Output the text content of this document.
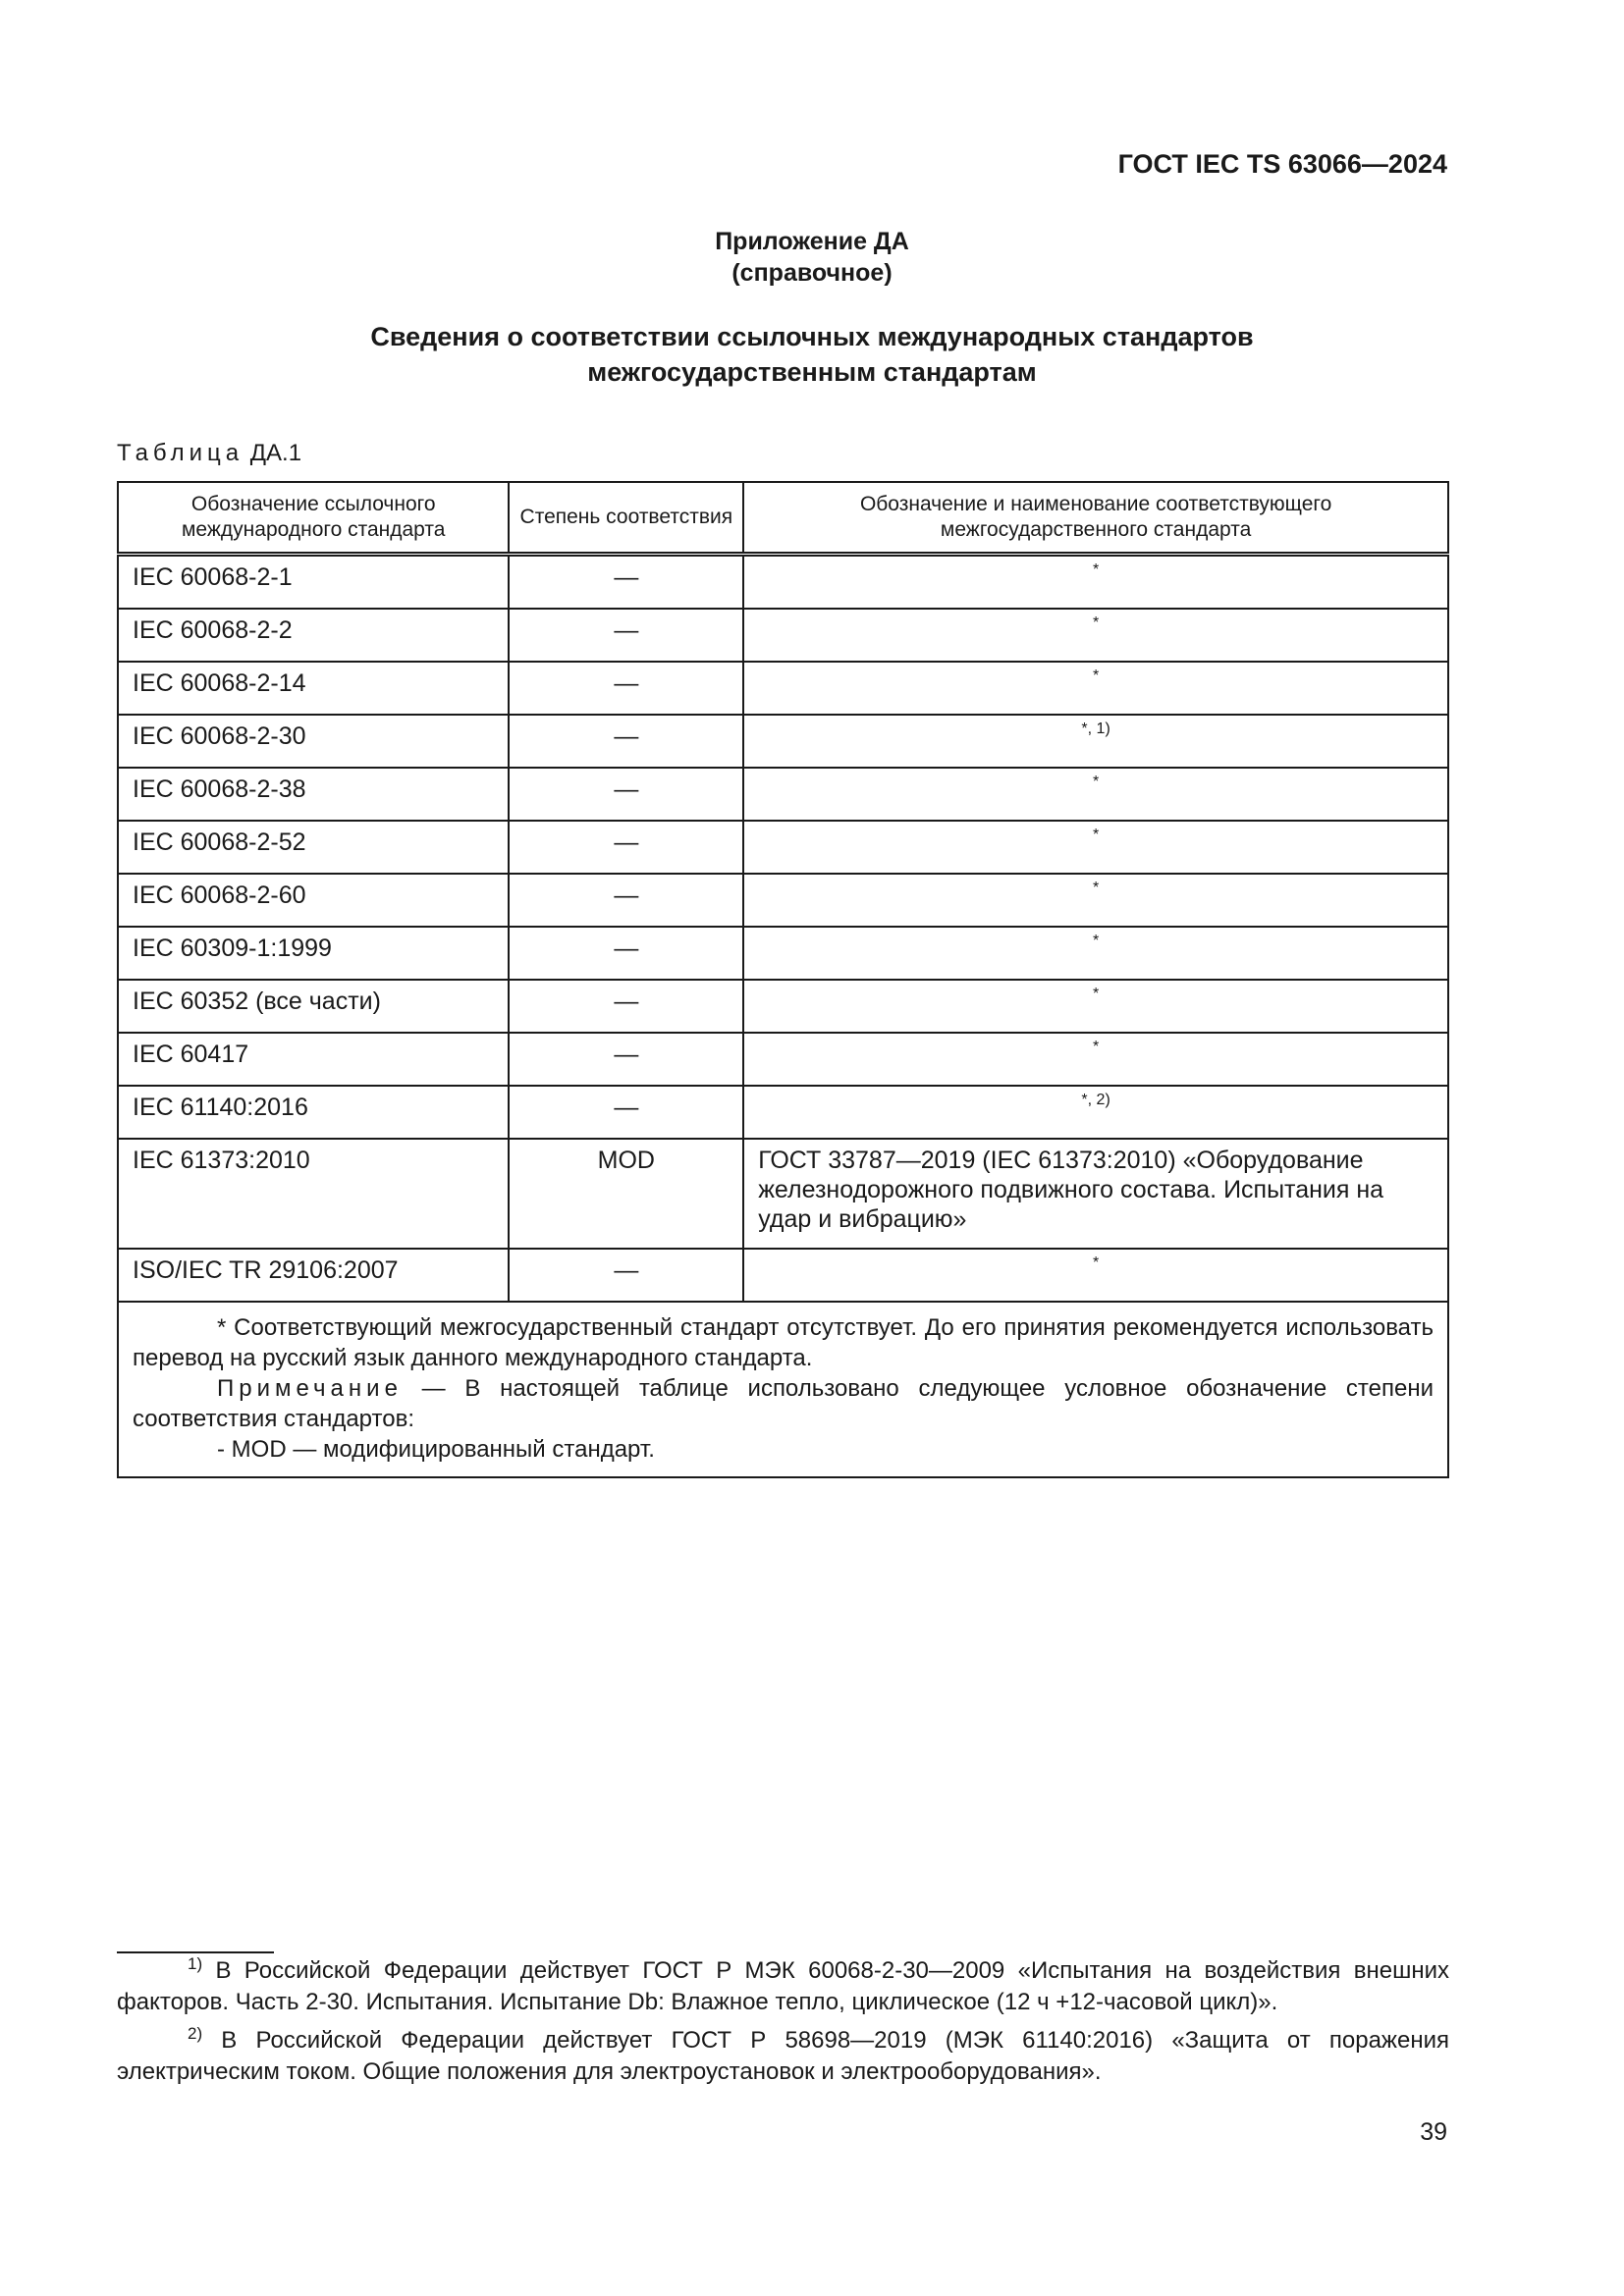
ГОСТ IEC TS 63066—2024
Приложение ДА
(справочное)
Сведения о соответствии ссылочных международных стандартов
межгосударственным стандартам
Таблица ДА.1
Обозначение ссылочного международного стандарта	Степень соответствия	Обозначение и наименование соответствующего межгосударственного стандарта
IEC 60068-2-1	—	*
IEC 60068-2-2	—	*
IEC 60068-2-14	—	*
IEC 60068-2-30	—	$^{*, 1)}$
IEC 60068-2-38	—	*
IEC 60068-2-52	—	*
IEC 60068-2-60	—	*
IEC 60309-1:1999	—	*
IEC 60352 (все части)	—	*
IEC 60417	—	*
IEC 61140:2016	—	$^{*, 2)}$
IEC 61373:2010	MOD	ГОСТ 33787—2019 (IEC 61373:2010) «Оборудование железнодорожного подвижного состава. Испытания на удар и вибрацию»
ISO/IEC TR 29106:2007	—	*

* Соответствующий межгосударственный стандарт отсутствует. До его принятия рекомендуется использовать перевод на русский язык данного международного стандарта.
Примечание — В настоящей таблице использовано следующее условное обозначение степени соответствия стандартов:
- MOD — модифицированный стандарт.		
$^{1)}$ В Российской Федерации действует ГОСТ Р МЭК 60068-2-30—2009 «Испытания на воздействия внешних факторов. Часть 2-30. Испытания. Испытание Db: Влажное тепло, циклическое (12 ч +12-часовой цикл)».
$^{2)}$ В Российской Федерации действует ГОСТ Р 58698—2019 (МЭК 61140:2016) «Защита от поражения электрическим током. Общие положения для электроустановок и электрооборудования».
39
